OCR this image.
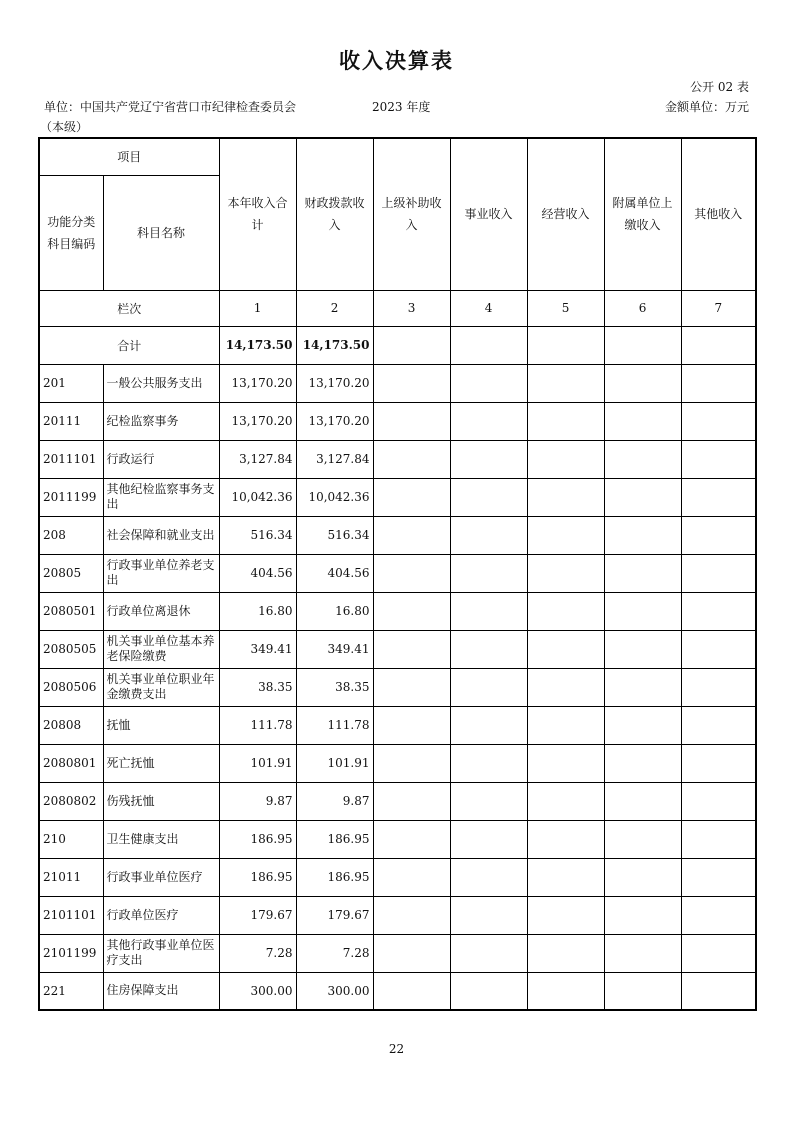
收入决算表
公开 02 表
单位：中国共产党辽宁省营口市纪律检查委员会	2023 年度	金额单位：万元
（本级）
项目		本年收入合计	财政拨款收入	上级补助收入	事业收入	经营收入	附属单位上缴收入	其他收入
功能分类科目编码	科目名称							
栏次		1	2	3	4	5	6	7
合计		14,173.50	14,173.50					
201	一般公共服务支出	13,170.20	13,170.20					
20111	纪检监察事务	13,170.20	13,170.20					
2011101	行政运行	3,127.84	3,127.84					
2011199	其他纪检监察事务支出	10,042.36	10,042.36					
208	社会保障和就业支出	516.34	516.34					
20805	行政事业单位养老支出	404.56	404.56					
2080501	行政单位离退休	16.80	16.80					
2080505	机关事业单位基本养老保险缴费	349.41	349.41					
2080506	机关事业单位职业年金缴费支出	38.35	38.35					
20808	抚恤	111.78	111.78					
2080801	死亡抚恤	101.91	101.91					
2080802	伤残抚恤	9.87	9.87					
210	卫生健康支出	186.95	186.95					
21011	行政事业单位医疗	186.95	186.95					
2101101	行政单位医疗	179.67	179.67					
2101199	其他行政事业单位医疗支出	7.28	7.28					
221	住房保障支出	300.00	300.00					
22
